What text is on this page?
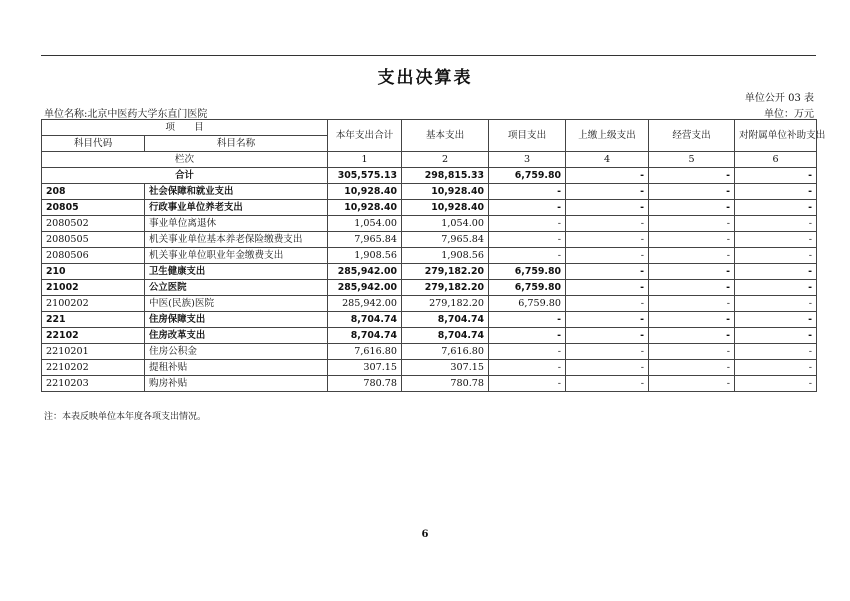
支出决算表
单位公开 03 表
单位名称:北京中医药大学东直门医院	单位：万元
项　　目		本年支出合计	基本支出	项目支出	上缴上级支出	经营支出	对附属单位补助支出
科目代码	科目名称						
栏次		1	2	3	4	5	6
合计		305,575.13	298,815.33	6,759.80	-	-	-
208	社会保障和就业支出	10,928.40	10,928.40	-	-	-	-
20805	行政事业单位养老支出	10,928.40	10,928.40	-	-	-	-
2080502	事业单位离退休	1,054.00	1,054.00	-	-	-	-
2080505	机关事业单位基本养老保险缴费支出	7,965.84	7,965.84	-	-	-	-
2080506	机关事业单位职业年金缴费支出	1,908.56	1,908.56	-	-	-	-
210	卫生健康支出	285,942.00	279,182.20	6,759.80	-	-	-
21002	公立医院	285,942.00	279,182.20	6,759.80	-	-	-
2100202	中医(民族)医院	285,942.00	279,182.20	6,759.80	-	-	-
221	住房保障支出	8,704.74	8,704.74	-	-	-	-
22102	住房改革支出	8,704.74	8,704.74	-	-	-	-
2210201	住房公积金	7,616.80	7,616.80	-	-	-	-
2210202	提租补贴	307.15	307.15	-	-	-	-
2210203	购房补贴	780.78	780.78	-	-	-	-
注：本表反映单位本年度各项支出情况。
6
